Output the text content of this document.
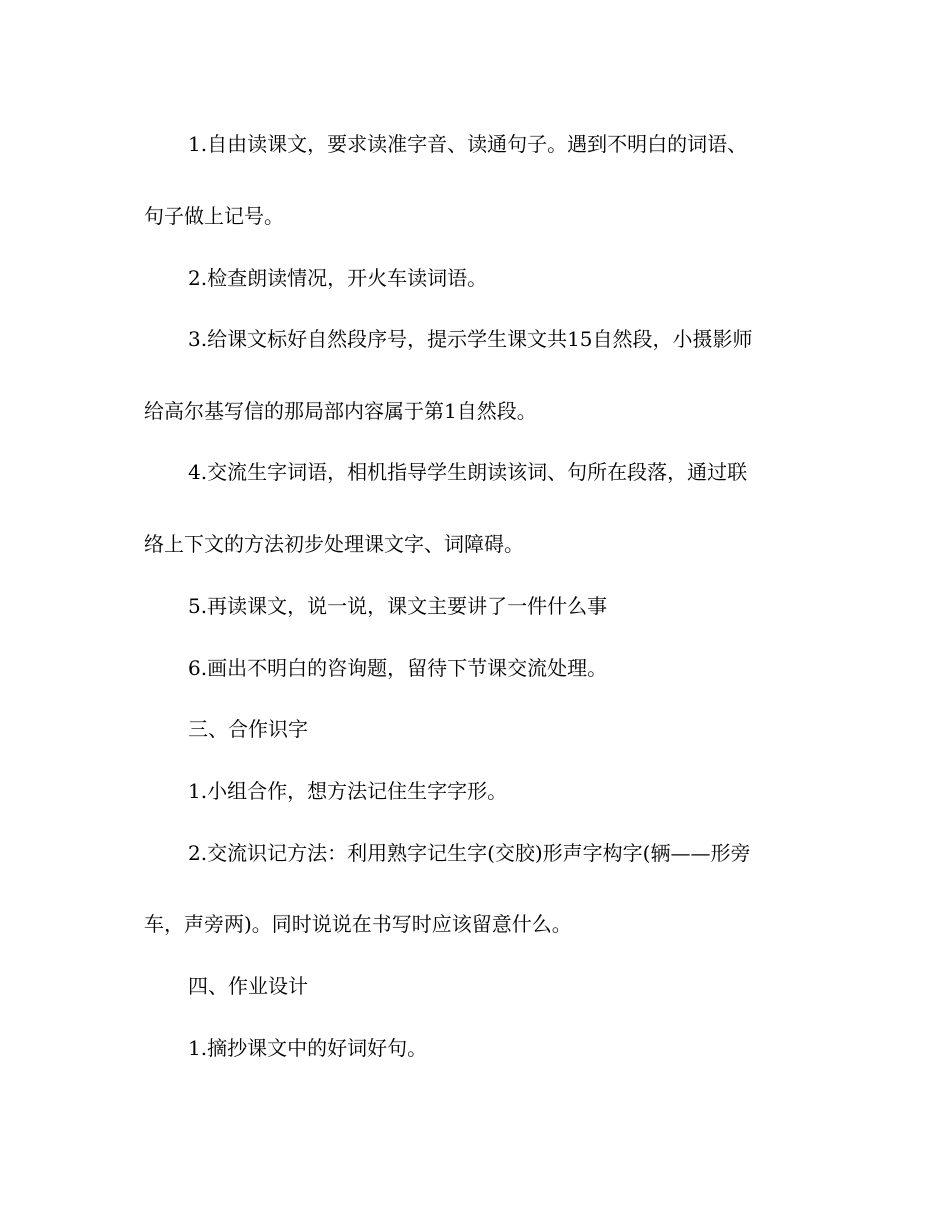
1.自由读课文，要求读准字音、读通句子。遇到不明白的词语、
句子做上记号。
2.检查朗读情况，开火车读词语。
3.给课文标好自然段序号，提示学生课文共15自然段，小摄影师
给高尔基写信的那局部内容属于第1自然段。
4.交流生字词语，相机指导学生朗读该词、句所在段落，通过联
络上下文的方法初步处理课文字、词障碍。
5.再读课文，说一说，课文主要讲了一件什么事
6.画出不明白的咨询题，留待下节课交流处理。
三、合作识字
1.小组合作，想方法记住生字字形。
2.交流识记方法：利用熟字记生字(交胶)形声字构字(辆——形旁
车，声旁两)。同时说说在书写时应该留意什么。
四、作业设计
1.摘抄课文中的好词好句。
